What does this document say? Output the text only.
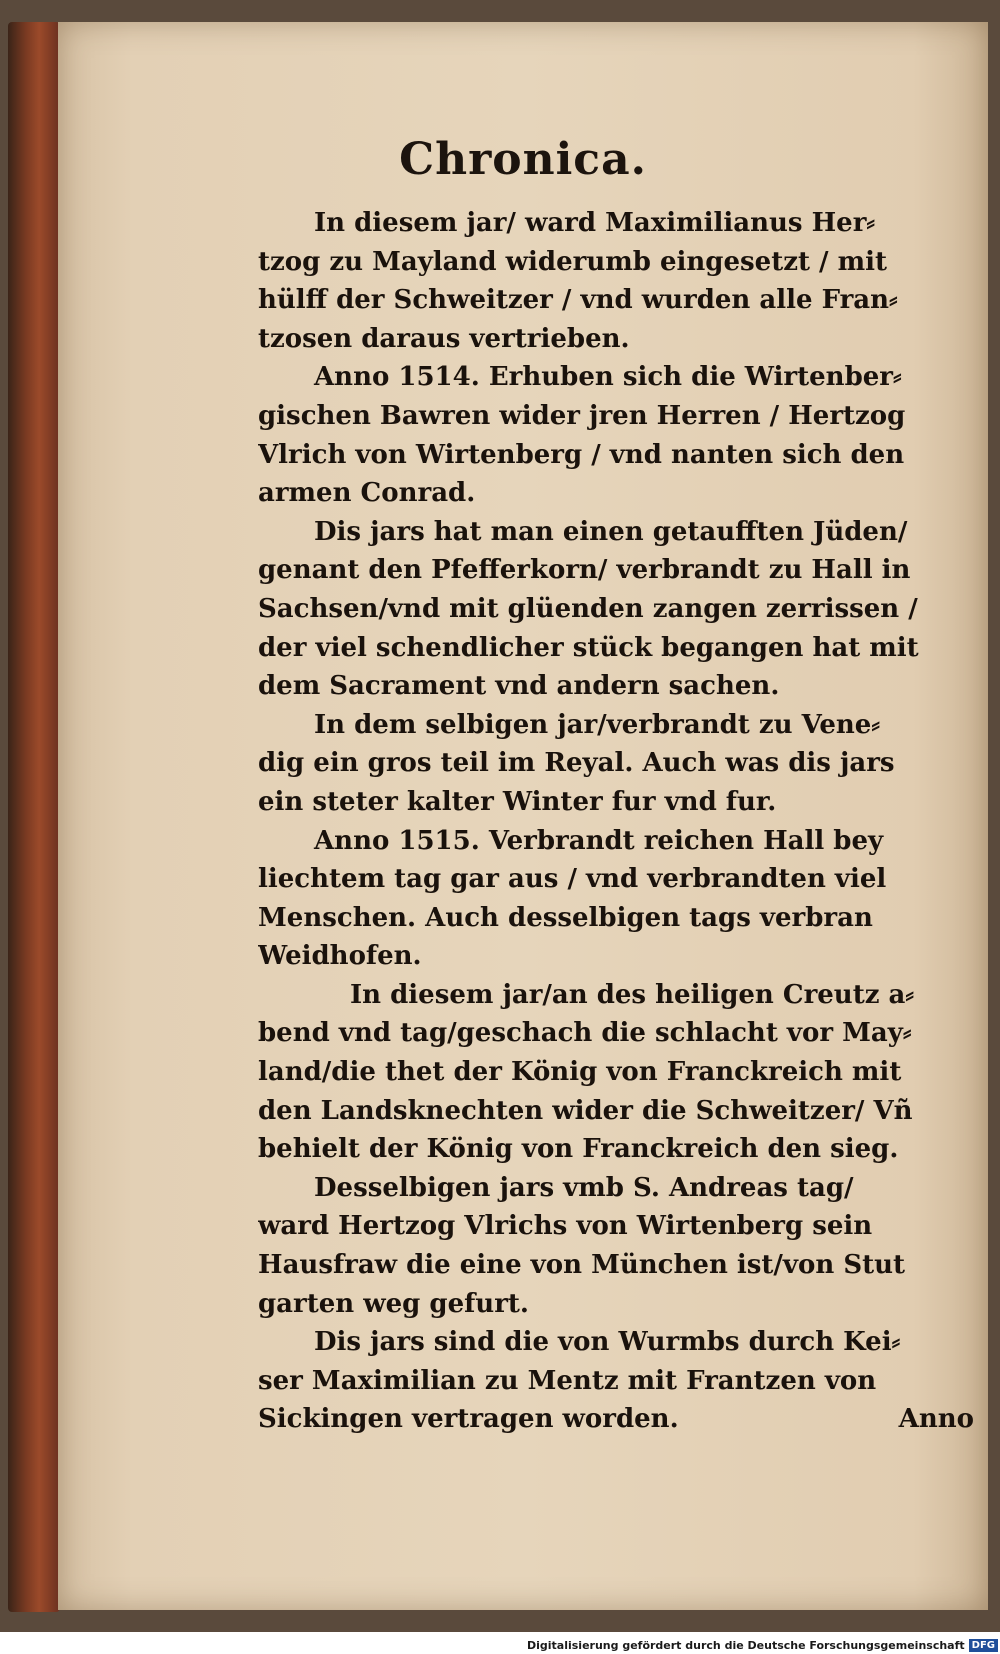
Chronica.
In diesem jar/ ward Maximilianus Her⸗
tzog zu Mayland widerumb eingesetzt / mit
hülff der Schweitzer / vnd wurden alle Fran⸗
tzosen daraus vertrieben.
Anno 1514. Erhuben sich die Wirtenber⸗
gischen Bawren wider jren Herren / Hertzog
Vlrich von Wirtenberg / vnd nanten sich den
armen Conrad.
Dis jars hat man einen getaufften Jüden/
genant den Pfefferkorn/ verbrandt zu Hall in
Sachsen/vnd mit glüenden zangen zerrissen /
der viel schendlicher stück begangen hat mit
dem Sacrament vnd andern sachen.
In dem selbigen jar/verbrandt zu Vene⸗
dig ein gros teil im Reyal. Auch was dis jars
ein steter kalter Winter fur vnd fur.
Anno 1515. Verbrandt reichen Hall bey
liechtem tag gar aus / vnd verbrandten viel
Menschen. Auch desselbigen tags verbran
Weidhofen.
In diesem jar/an des heiligen Creutz a⸗
bend vnd tag/geschach die schlacht vor May⸗
land/die thet der König von Franckreich mit
den Landsknechten wider die Schweitzer/ Vñ
behielt der König von Franckreich den sieg.
Desselbigen jars vmb S. Andreas tag/
ward Hertzog Vlrichs von Wirtenberg sein
Hausfraw die eine von München ist/von Stut
garten weg gefurt.
Dis jars sind die von Wurmbs durch Kei⸗
ser Maximilian zu Mentz mit Frantzen von
Sickingen vertragen worden.	Anno
Digitalisierung gefördert durch die Deutsche Forschungsgemeinschaft DFG
